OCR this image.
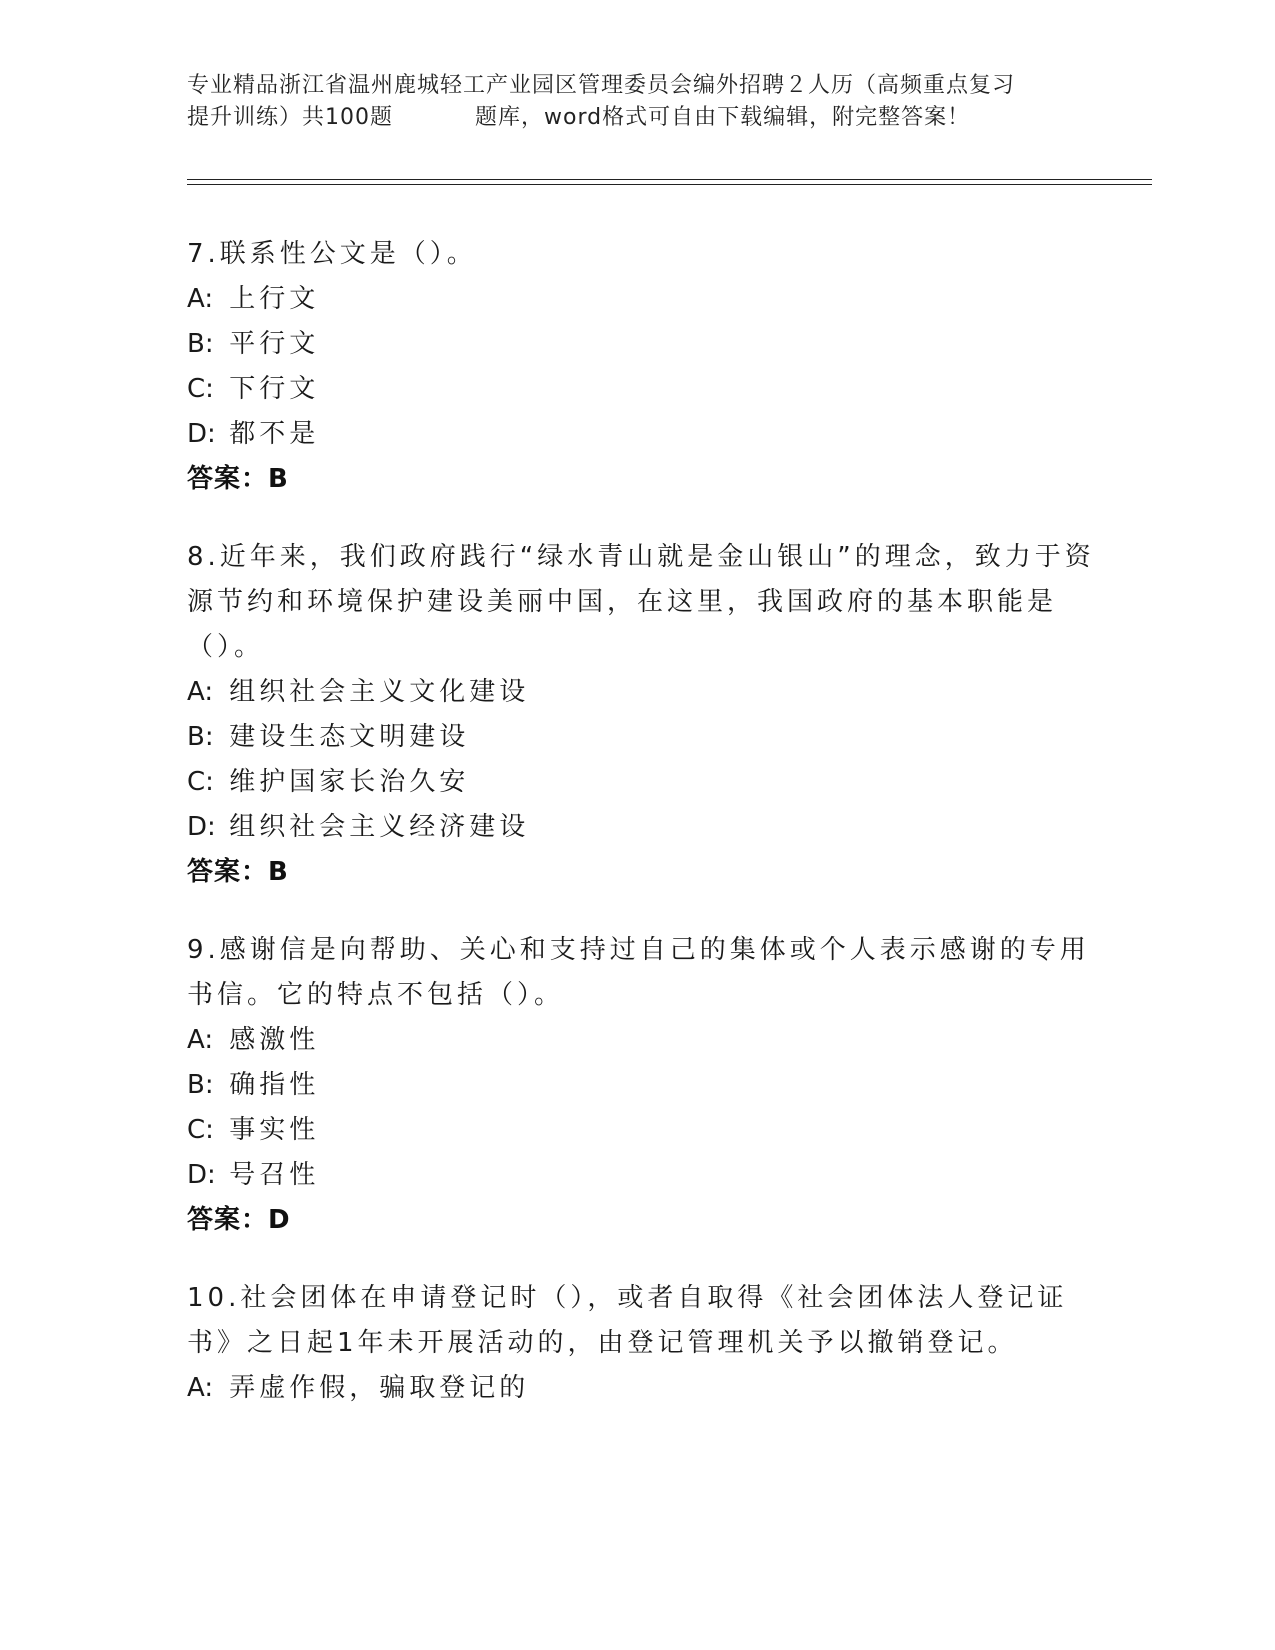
专业精品浙江省温州鹿城轻工产业园区管理委员会编外招聘２人历（高频重点复习
提升训练）共100题	题库，word格式可自由下载编辑，附完整答案！
7.联系性公文是（）。
A: 上行文
B: 平行文
C: 下行文
D: 都不是
答案：B
8.近年来，我们政府践行“绿水青山就是金山银山”的理念，致力于资源节约和环境保护建设美丽中国，在这里，我国政府的基本职能是（）。
A: 组织社会主义文化建设
B: 建设生态文明建设
C: 维护国家长治久安
D: 组织社会主义经济建设
答案：B
9.感谢信是向帮助、关心和支持过自己的集体或个人表示感谢的专用书信。它的特点不包括（）。
A: 感激性
B: 确指性
C: 事实性
D: 号召性
答案：D
10.社会团体在申请登记时（），或者自取得《社会团体法人登记证书》之日起1年未开展活动的，由登记管理机关予以撤销登记。
A: 弄虚作假，骗取登记的
